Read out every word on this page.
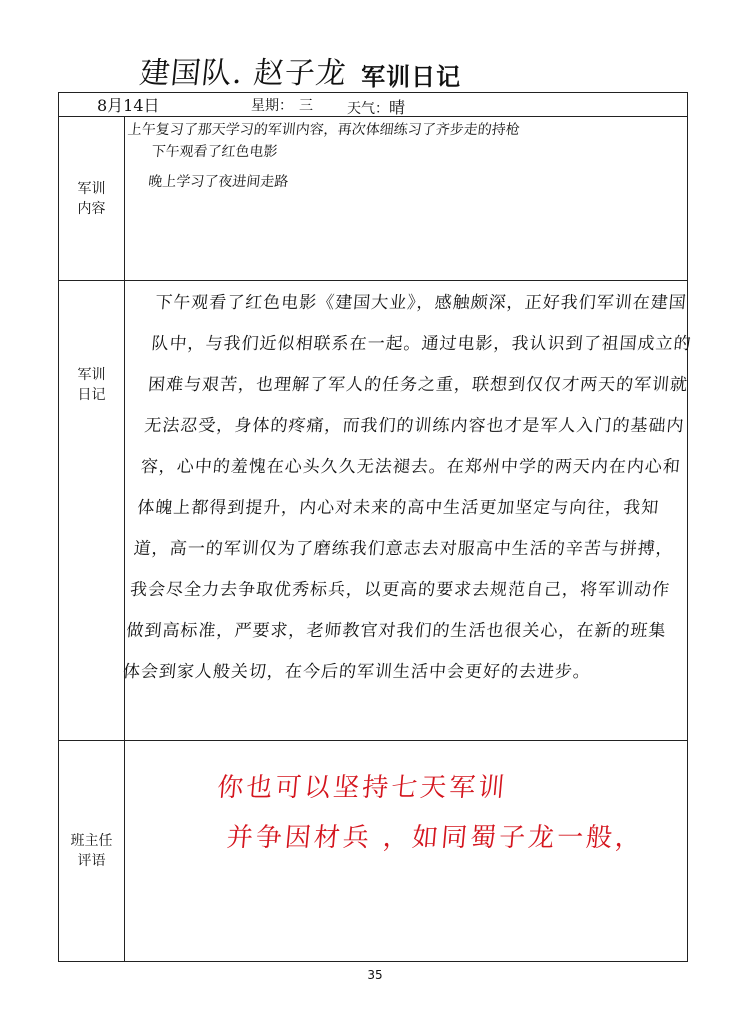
建国队. 赵子龙 军训日记
8月14日	星期： 三 天气：晴
军训
内容
上午复习了那天学习的军训内容，再次体细练习了齐步走的持枪
下午观看了红色电影
晚上学习了夜进间走路
军训
日记
下午观看了红色电影《建国大业》，感触颇深，正好我们军训在建国队中，与我们近似相联系在一起。通过电影，我认识到了祖国成立的困难与艰苦，也理解了军人的任务之重，联想到仅仅才两天的军训就无法忍受，身体的疼痛，而我们的训练内容也才是军人入门的基础内容，心中的羞愧在心头久久无法褪去。在郑州中学的两天内在内心和体魄上都得到提升，内心对未来的高中生活更加坚定与向往，我知道，高一的军训仅为了磨练我们意志去对服高中生活的辛苦与拼搏，我会尽全力去争取优秀标兵，以更高的要求去规范自己，将军训动作做到高标准，严要求，老师教官对我们的生活也很关心，在新的班集体会到家人般关切，在今后的军训生活中会更好的去进步。
班主任
评语
你也可以坚持七天军训
并争因材兵 ，如同蜀子龙一般，
35
